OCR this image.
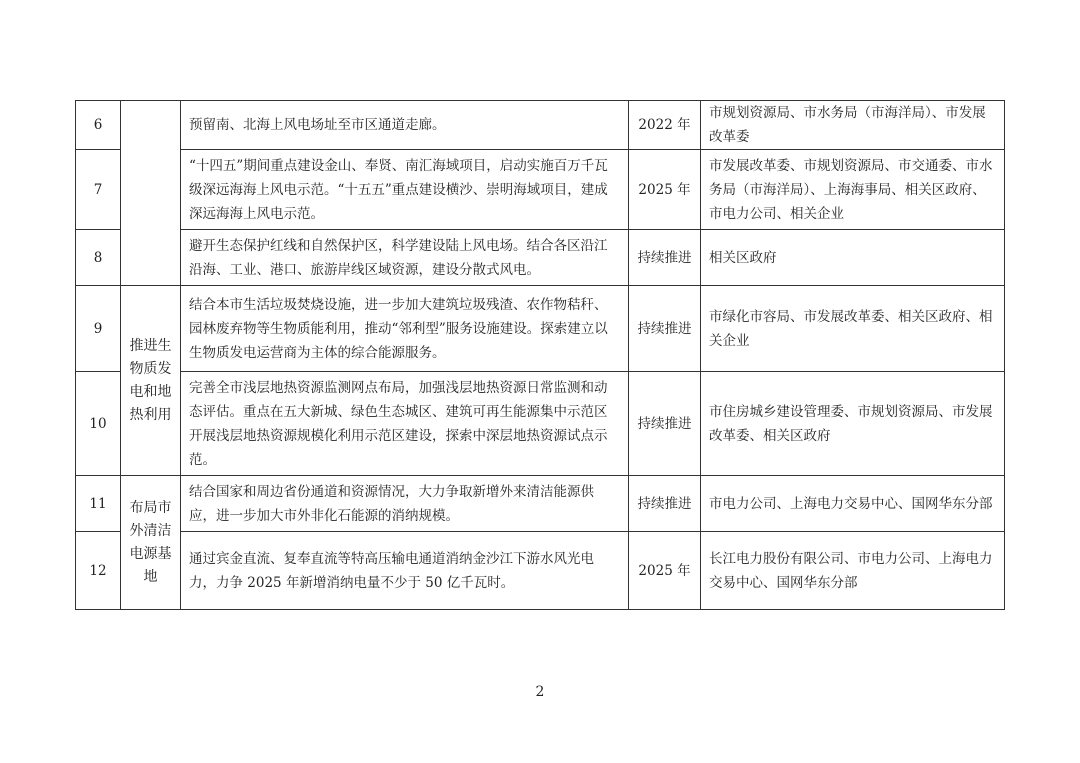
6		预留南、北海上风电场址至市区通道走廊。	2022 年	市规划资源局、市水务局（市海洋局）、市发展改革委
7		“十四五”期间重点建设金山、奉贤、南汇海域项目，启动实施百万千瓦级深远海海上风电示范。“十五五”重点建设横沙、崇明海域项目，建成深远海海上风电示范。	2025 年	市发展改革委、市规划资源局、市交通委、市水务局（市海洋局）、上海海事局、相关区政府、市电力公司、相关企业
8		避开生态保护红线和自然保护区，科学建设陆上风电场。结合各区沿江沿海、工业、港口、旅游岸线区域资源，建设分散式风电。	持续推进	相关区政府
9	推进生物质发电和地热利用	结合本市生活垃圾焚烧设施，进一步加大建筑垃圾残渣、农作物秸秆、园林废弃物等生物质能利用，推动“邻利型”服务设施建设。探索建立以生物质发电运营商为主体的综合能源服务。	持续推进	市绿化市容局、市发展改革委、相关区政府、相关企业
10		完善全市浅层地热资源监测网点布局，加强浅层地热资源日常监测和动态评估。重点在五大新城、绿色生态城区、建筑可再生能源集中示范区开展浅层地热资源规模化利用示范区建设，探索中深层地热资源试点示范。	持续推进	市住房城乡建设管理委、市规划资源局、市发展改革委、相关区政府
11	布局市外清洁电源基地	结合国家和周边省份通道和资源情况，大力争取新增外来清洁能源供应，进一步加大市外非化石能源的消纳规模。	持续推进	市电力公司、上海电力交易中心、国网华东分部
12		通过宾金直流、复奉直流等特高压输电通道消纳金沙江下游水风光电力，力争 2025 年新增消纳电量不少于 50 亿千瓦时。	2025 年	长江电力股份有限公司、市电力公司、上海电力交易中心、国网华东分部
2
